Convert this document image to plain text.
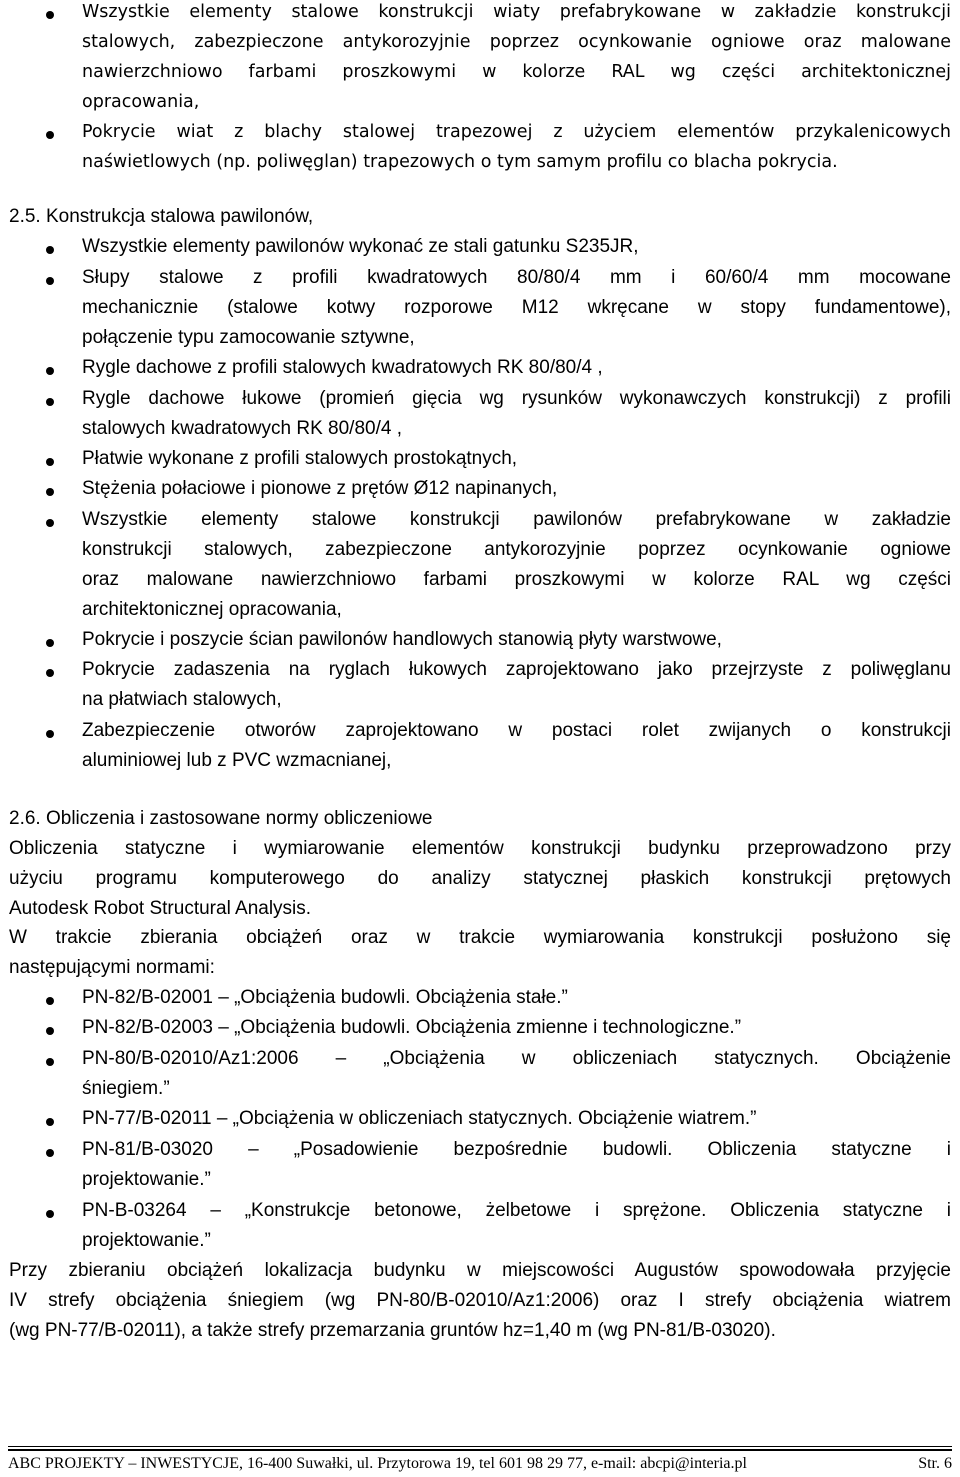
Wszystkie elementy stalowe konstrukcji wiaty prefabrykowane w zakładzie konstrukcji
stalowych, zabezpieczone antykorozyjnie poprzez ocynkowanie ogniowe oraz malowane
nawierzchniowo farbami proszkowymi w kolorze RAL wg części architektonicznej
opracowania,
Pokrycie wiat z blachy stalowej trapezowej z użyciem elementów przykalenicowych
naświetlowych (np. poliwęglan) trapezowych o tym samym profilu co blacha pokrycia.
2.5. Konstrukcja stalowa pawilonów,
Wszystkie elementy pawilonów wykonać ze stali gatunku S235JR,
Słupy stalowe z profili kwadratowych 80/80/4 mm i 60/60/4 mm mocowane
mechanicznie (stalowe kotwy rozporowe M12 wkręcane w stopy fundamentowe),
połączenie typu zamocowanie sztywne,
Rygle dachowe z profili stalowych kwadratowych RK 80/80/4 ,
Rygle dachowe łukowe (promień gięcia wg rysunków wykonawczych konstrukcji) z profili
stalowych kwadratowych RK 80/80/4 ,
Płatwie wykonane z profili stalowych prostokątnych,
Stężenia połaciowe i pionowe z prętów Ø12 napinanych,
Wszystkie elementy stalowe konstrukcji pawilonów prefabrykowane w zakładzie
konstrukcji stalowych, zabezpieczone antykorozyjnie poprzez ocynkowanie ogniowe
oraz malowane nawierzchniowo farbami proszkowymi w kolorze RAL wg części
architektonicznej opracowania,
Pokrycie i poszycie ścian pawilonów handlowych stanowią płyty warstwowe,
Pokrycie zadaszenia na ryglach łukowych zaprojektowano jako przejrzyste z poliwęglanu
na płatwiach stalowych,
Zabezpieczenie otworów zaprojektowano w postaci rolet zwijanych o konstrukcji
aluminiowej lub z PVC wzmacnianej,
2.6. Obliczenia i zastosowane normy obliczeniowe
Obliczenia statyczne i wymiarowanie elementów konstrukcji budynku przeprowadzono przy
użyciu programu komputerowego do analizy statycznej płaskich konstrukcji prętowych
Autodesk Robot Structural Analysis.
W trakcie zbierania obciążeń oraz w trakcie wymiarowania konstrukcji posłużono się
następującymi normami:
PN-82/B-02001 – „Obciążenia budowli. Obciążenia stałe.”
PN-82/B-02003 – „Obciążenia budowli. Obciążenia zmienne i technologiczne.”
PN-80/B-02010/Az1:2006 – „Obciążenia w obliczeniach statycznych. Obciążenie
śniegiem.”
PN-77/B-02011 – „Obciążenia w obliczeniach statycznych. Obciążenie wiatrem.”
PN-81/B-03020 – „Posadowienie bezpośrednie budowli. Obliczenia statyczne i
projektowanie.”
PN-B-03264 – „Konstrukcje betonowe, żelbetowe i sprężone. Obliczenia statyczne i
projektowanie.”
Przy zbieraniu obciążeń lokalizacja budynku w miejscowości Augustów spowodowała przyjęcie
IV strefy obciążenia śniegiem (wg PN-80/B-02010/Az1:2006) oraz I strefy obciążenia wiatrem
(wg PN-77/B-02011), a także strefy przemarzania gruntów hz=1,40 m (wg PN-81/B-03020).
ABC PROJEKTY – INWESTYCJE, 16-400 Suwałki, ul. Przytorowa 19, tel 601 98 29 77, e-mail: abcpi@interia.pl	Str. 6
